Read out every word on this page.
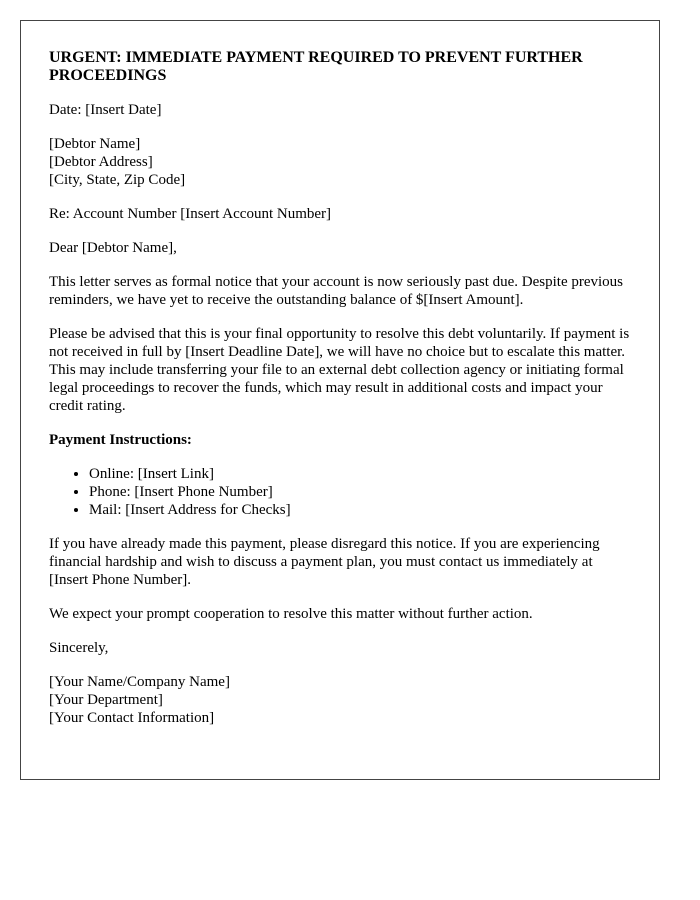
URGENT: IMMEDIATE PAYMENT REQUIRED TO PREVENT FURTHER PROCEEDINGS

Date: [Insert Date]

[Debtor Name]
[Debtor Address]
[City, State, Zip Code]

Re: Account Number [Insert Account Number]

Dear [Debtor Name],

This letter serves as formal notice that your account is now seriously past due. Despite previous reminders, we have yet to receive the outstanding balance of $[Insert Amount].

Please be advised that this is your final opportunity to resolve this debt voluntarily. If payment is not received in full by [Insert Deadline Date], we will have no choice but to escalate this matter. This may include transferring your file to an external debt collection agency or initiating formal legal proceedings to recover the funds, which may result in additional costs and impact your credit rating.

Payment Instructions:
• Online: [Insert Link]
• Phone: [Insert Phone Number]
• Mail: [Insert Address for Checks]

If you have already made this payment, please disregard this notice. If you are experiencing financial hardship and wish to discuss a payment plan, you must contact us immediately at [Insert Phone Number].

We expect your prompt cooperation to resolve this matter without further action.

Sincerely,

[Your Name/Company Name]
[Your Department]
[Your Contact Information]
